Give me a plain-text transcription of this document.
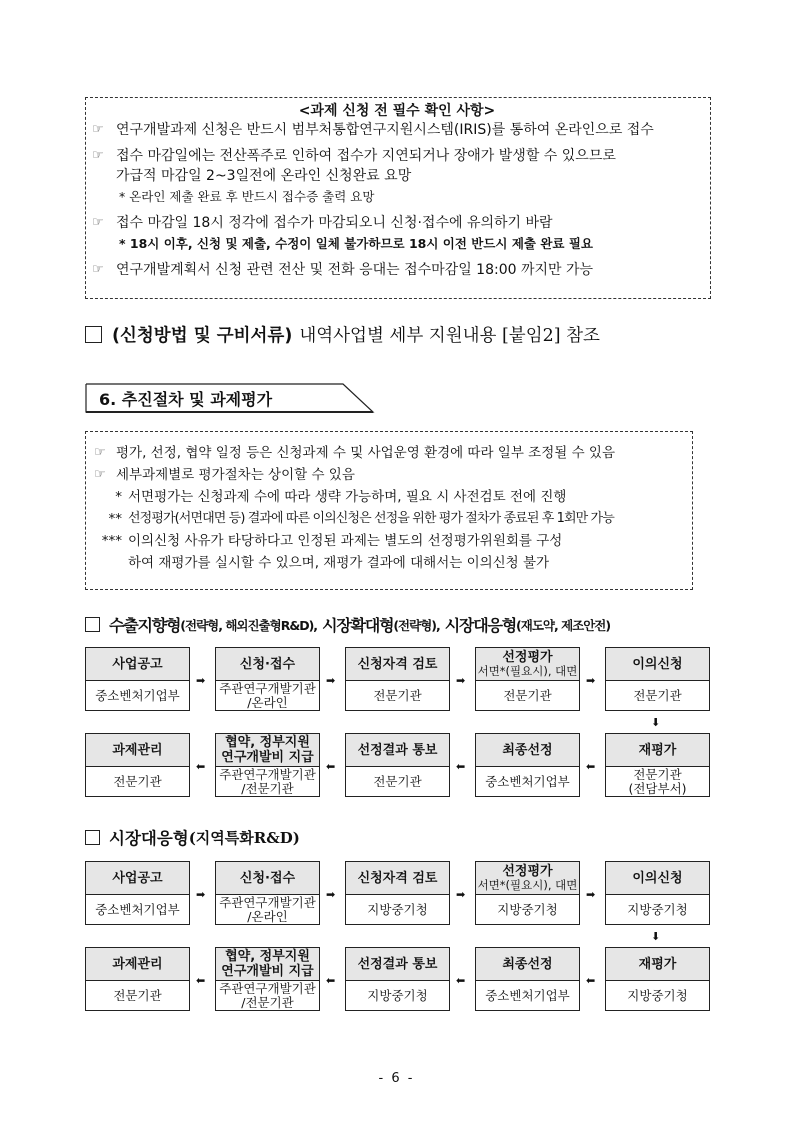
<과제 신청 전 필수 확인 사항>
☞ 연구개발과제 신청은 반드시 범부처통합연구지원시스템(IRIS)를 통하여 온라인으로 접수
☞ 접수 마감일에는 전산폭주로 인하여 접수가 지연되거나 장애가 발생할 수 있으므로
가급적 마감일 2~3일전에 온라인 신청완료 요망
* 온라인 제출 완료 후 반드시 접수증 출력 요망
☞ 접수 마감일 18시 정각에 접수가 마감되오니 신청·접수에 유의하기 바람
* 18시 이후, 신청 및 제출, 수정이 일체 불가하므로 18시 이전 반드시 제출 완료 필요
☞ 연구개발계획서 신청 관련 전산 및 전화 응대는 접수마감일 18:00 까지만 가능
(신청방법 및 구비서류) 내역사업별 세부 지원내용 [붙임2] 참조
6. 추진절차 및 과제평가
☞ 평가, 선정, 협약 일정 등은 신청과제 수 및 사업운영 환경에 따라 일부 조정될 수 있음
☞ 세부과제별로 평가절차는 상이할 수 있음
* 서면평가는 신청과제 수에 따라 생략 가능하며, 필요 시 사전검토 전에 진행
** 선정평가(서면대면 등) 결과에 따른 이의신청은 선정을 위한 평가 절차가 종료된 후 1회만 가능
*** 이의신청 사유가 타당하다고 인정된 과제는 별도의 선정평가위원회를 구성
하여 재평가를 실시할 수 있으며, 재평가 결과에 대해서는 이의신청 불가
수출지향형 (전략형, 해외진출형R&D), 시장확대형 (전략형), 시장대응형 (재도약, 제조안전)
사업공고
중소벤처기업부
신청·접수
주관연구개발기관
/온라인
신청자격 검토
전문기관
선정평가
서면*(필요시), 대면
전문기관
이의신청
전문기관
➡	➡	➡	➡
⬇
과제관리
전문기관
협약, 정부지원
연구개발비 지급
주관연구개발기관
/전문기관
선정결과 통보
전문기관
최종선정
중소벤처기업부
재평가
전문기관
(전담부서)
⬅	⬅	⬅	⬅
시장대응형 (지역특화R&D)
사업공고
중소벤처기업부
신청·접수
주관연구개발기관
/온라인
신청자격 검토
지방중기청
선정평가
서면*(필요시), 대면
지방중기청
이의신청
지방중기청
➡	➡	➡	➡
⬇
과제관리
전문기관
협약, 정부지원
연구개발비 지급
주관연구개발기관
/전문기관
선정결과 통보
지방중기청
최종선정
중소벤처기업부
재평가
지방중기청
⬅	⬅	⬅	⬅
- 6 -
